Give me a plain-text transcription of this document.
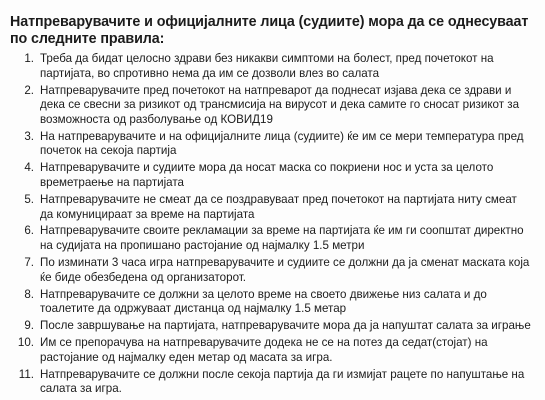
Натпреварувачите и официјалните лица (судиите) мора да се однесуваат по следните правила:
1. Треба да бидат целосно здрави без никакви симптоми на болест, пред почетокот на партијата, во спротивно нема да им се дозволи влез во салата
2. Натпреварувачите пред почетокот на натпреварот да поднесат изјава дека се здрави и дека се свесни за ризикот од трансмисија на вирусот и дека самите го сносат ризикот за возможноста од разболување од КОВИД19
3. На натпреварувачите и на официјалните лица (судиите) ќе им се мери температура пред почеток на секоја партија
4. Натпреварувачите и судиите мора да носат маска со покриени нос и уста за целото времетраење на партијата
5. Натпреварувачите не смеат да се поздравуваат пред почетокот на партијата ниту смеат да комуницираат за време на партијата
6. Натпреварувачите своите рекламации за време на партијата ќе им ги соопштат директно на судијата на пропишано растојание од најмалку 1.5 метри
7. По изминати 3 часа игра натпреварувачите и судиите се должни да ја сменат маската која ќе биде обезбедена од организаторот.
8. Натпреварувачите се должни за целото време на своето движење низ салата и до тоалетите да одржуваат дистанца од најмалку 1.5 метар
9. После завршување на партијата, натпреварувачите мора да ја напуштат салата за играње
10. Им се препорачува на натпреварувачите додека не се на потез да седат(стојат) на растојание од најмалку еден метар од масата за игра.
11. Натпреварувачите се должни после секоја партија да ги измијат рацете по напуштање на салата за игра.
